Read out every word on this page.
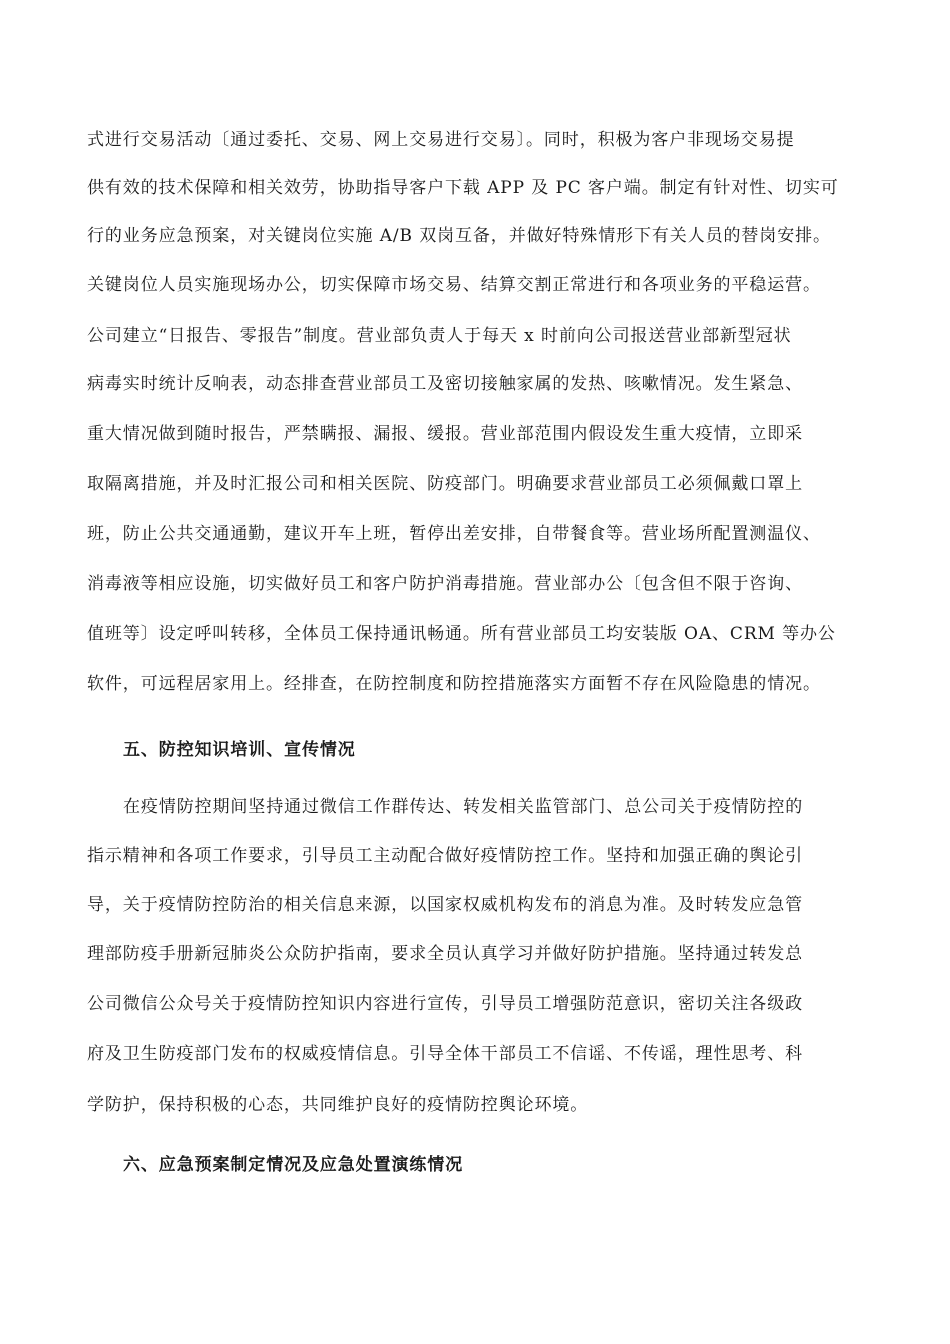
式进行交易活动〔通过委托、交易、网上交易进行交易〕。同时，积极为客户非现场交易提
供有效的技术保障和相关效劳，协助指导客户下载 APP 及 PC 客户端。制定有针对性、切实可
行的业务应急预案，对关键岗位实施 A/B 双岗互备，并做好特殊情形下有关人员的替岗安排。
关键岗位人员实施现场办公，切实保障市场交易、结算交割正常进行和各项业务的平稳运营。
公司建立“日报告、零报告”制度。营业部负责人于每天 x 时前向公司报送营业部新型冠状
病毒实时统计反响表，动态排查营业部员工及密切接触家属的发热、咳嗽情况。发生紧急、
重大情况做到随时报告，严禁瞒报、漏报、缓报。营业部范围内假设发生重大疫情，立即采
取隔离措施，并及时汇报公司和相关医院、防疫部门。明确要求营业部员工必须佩戴口罩上
班，防止公共交通通勤，建议开车上班，暂停出差安排，自带餐食等。营业场所配置测温仪、
消毒液等相应设施，切实做好员工和客户防护消毒措施。营业部办公〔包含但不限于咨询、
值班等〕设定呼叫转移，全体员工保持通讯畅通。所有营业部员工均安装版 OA、CRM 等办公
软件，可远程居家用上。经排查，在防控制度和防控措施落实方面暂不存在风险隐患的情况。
五、防控知识培训、宣传情况
在疫情防控期间坚持通过微信工作群传达、转发相关监管部门、总公司关于疫情防控的
指示精神和各项工作要求，引导员工主动配合做好疫情防控工作。坚持和加强正确的舆论引
导，关于疫情防控防治的相关信息来源，以国家权威机构发布的消息为准。及时转发应急管
理部防疫手册新冠肺炎公众防护指南，要求全员认真学习并做好防护措施。坚持通过转发总
公司微信公众号关于疫情防控知识内容进行宣传，引导员工增强防范意识，密切关注各级政
府及卫生防疫部门发布的权威疫情信息。引导全体干部员工不信谣、不传谣，理性思考、科
学防护，保持积极的心态，共同维护良好的疫情防控舆论环境。
六、应急预案制定情况及应急处置演练情况
